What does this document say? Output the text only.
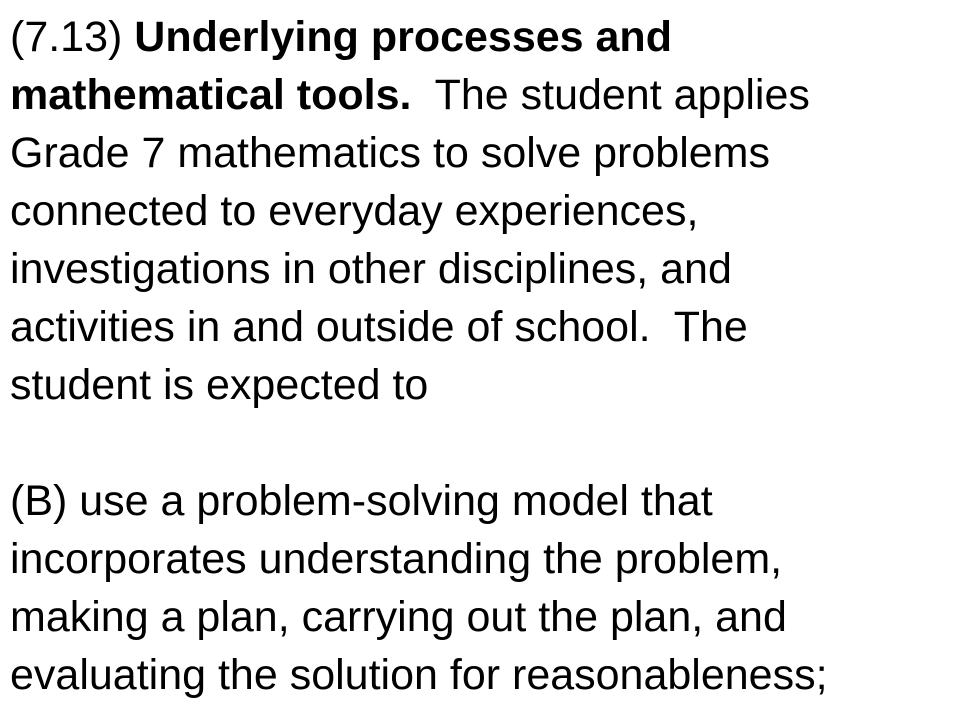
(7.13) Underlying processes and
mathematical tools. The student applies
Grade 7 mathematics to solve problems
connected to everyday experiences,
investigations in other disciplines, and
activities in and outside of school.  The
student is expected to
(B) use a problem-solving model that
incorporates understanding the problem,
making a plan, carrying out the plan, and
evaluating the solution for reasonableness;
